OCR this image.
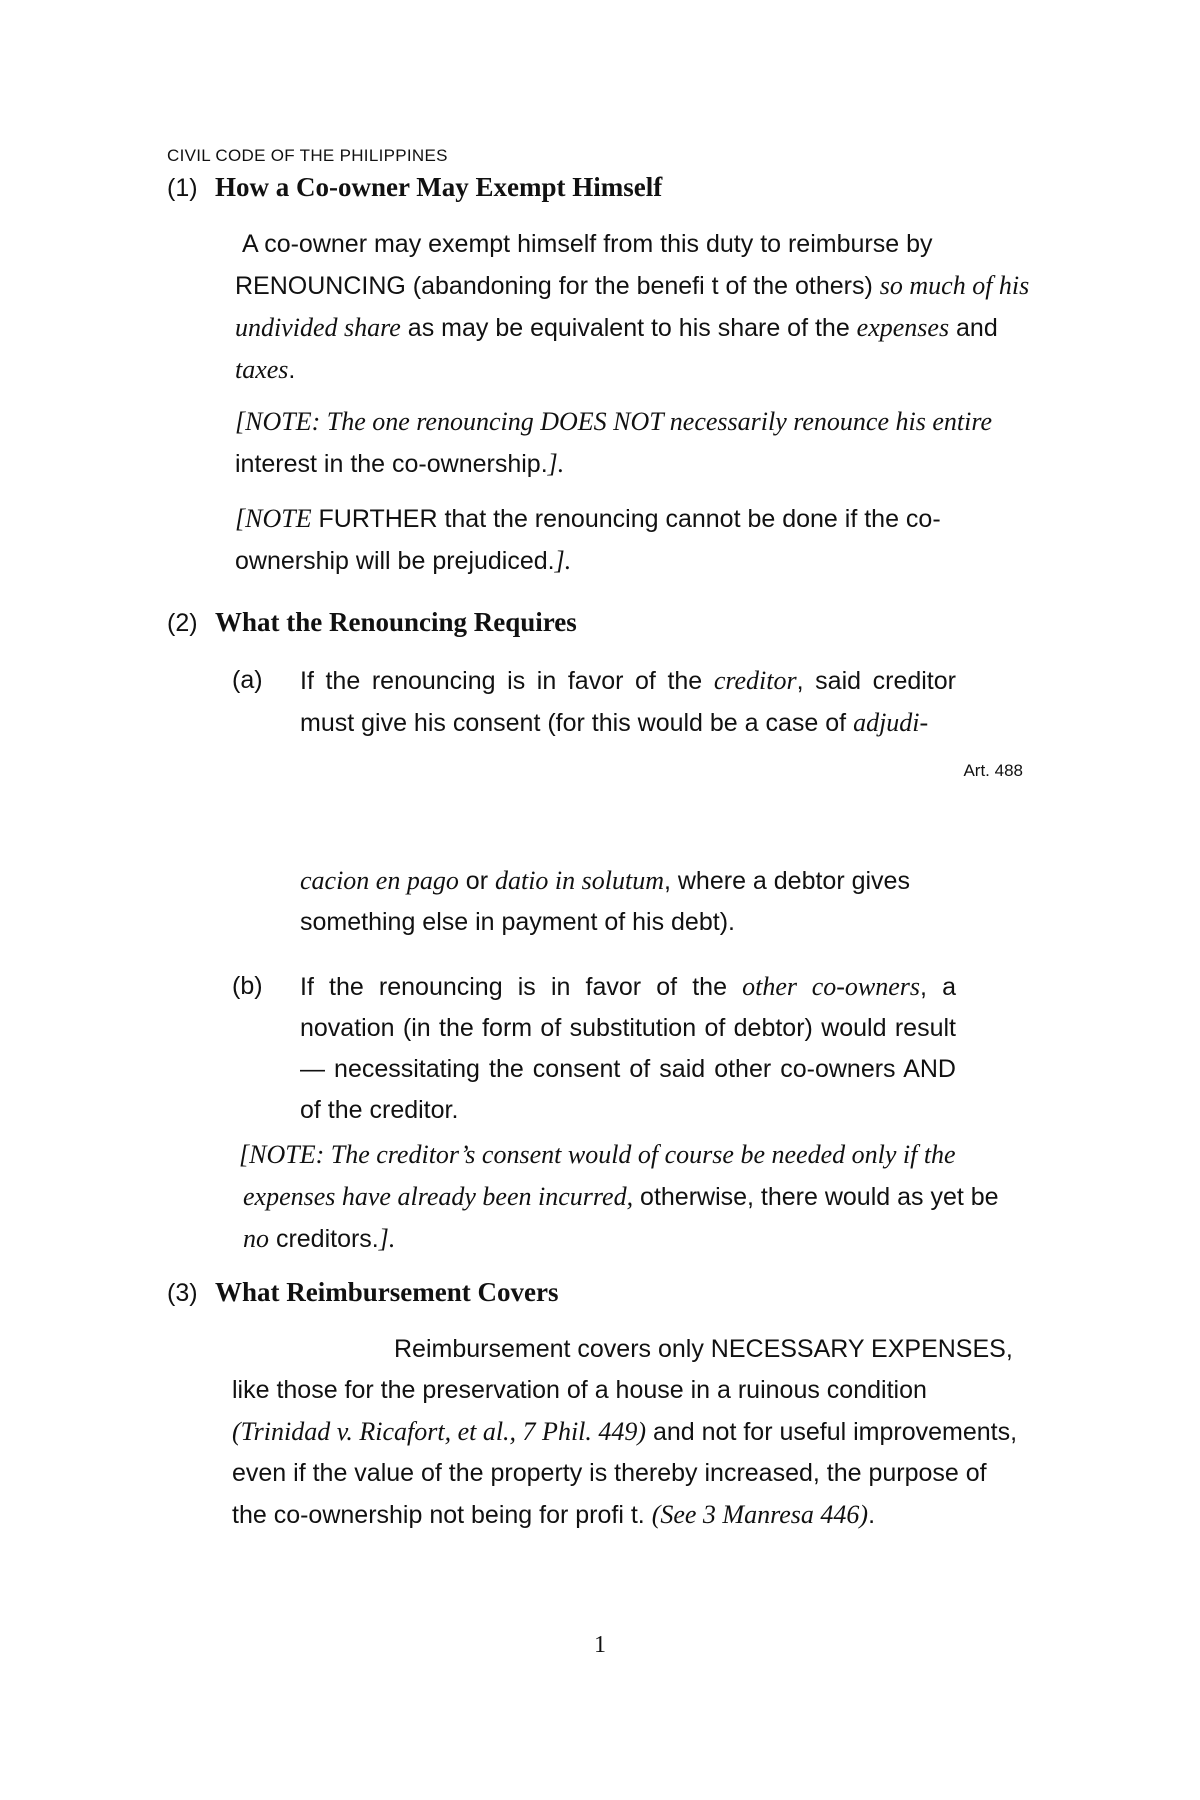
CIVIL CODE OF THE PHILIPPINES
(1) How a Co-owner May Exempt Himself

A co-owner may exempt himself from this duty to reimburse by RENOUNCING (abandoning for the benefi t of the others) so much of his undivided share as may be equivalent to his share of the expenses and taxes.

[NOTE: The one renouncing DOES NOT necessarily renounce his entire interest in the co-ownership.].

[NOTE FURTHER that the renouncing cannot be done if the co-ownership will be prejudiced.].

(2) What the Renouncing Requires
(a) If the renouncing is in favor of the creditor, said creditor must give his consent (for this would be a case of adjudi-
Art. 488
cacion en pago or datio in solutum, where a debtor gives something else in payment of his debt).
(b) If the renouncing is in favor of the other co-owners, a novation (in the form of substitution of debtor) would result — necessitating the consent of said other co-owners AND of the creditor.

[NOTE: The creditor’s consent would of course be needed only if the expenses have already been incurred, otherwise, there would as yet be no creditors.].

(3) What Reimbursement Covers

Reimbursement covers only NECESSARY EXPENSES, like those for the preservation of a house in a ruinous condition (Trinidad v. Ricafort, et al., 7 Phil. 449) and not for useful improvements, even if the value of the property is thereby increased, the purpose of the co-ownership not being for profi t. (See 3 Manresa 446).

1
